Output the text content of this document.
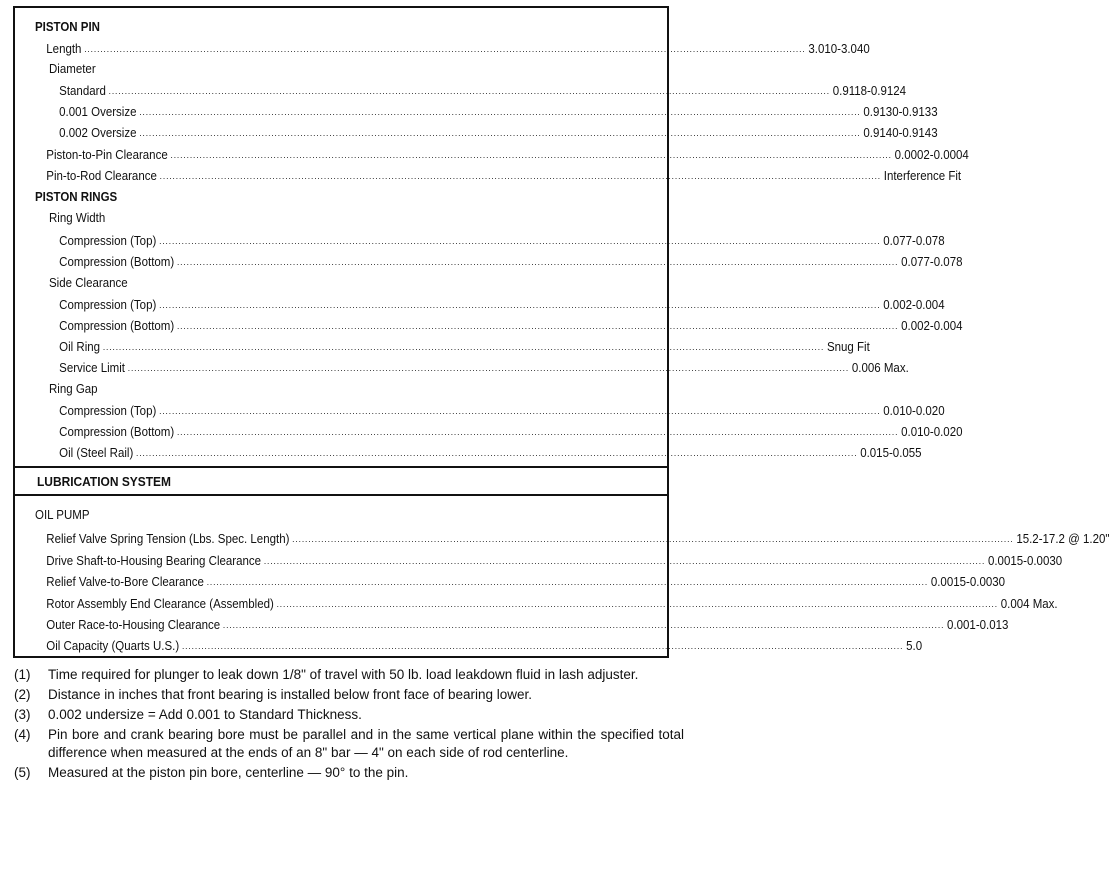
PISTON PIN
Length .....	3.010-3.040
Diameter
Standard .....	0.9118-0.9124
0.001 Oversize .....	0.9130-0.9133
0.002 Oversize .....	0.9140-0.9143
Piston-to-Pin Clearance .....	0.0002-0.0004
Pin-to-Rod Clearance .....	Interference Fit
PISTON RINGS
Ring Width
Compression (Top) .....	0.077-0.078
Compression (Bottom) .....	0.077-0.078
Side Clearance
Compression (Top) .....	0.002-0.004
Compression (Bottom) .....	0.002-0.004
Oil Ring .....	Snug Fit
Service Limit .....	0.006 Max.
Ring Gap
Compression (Top) .....	0.010-0.020
Compression (Bottom) .....	0.010-0.020
Oil (Steel Rail) .....	0.015-0.055
LUBRICATION SYSTEM
OIL PUMP
Relief Valve Spring Tension (Lbs. Spec. Length) .....	15.2-17.2 @ 1.20"
Drive Shaft-to-Housing Bearing Clearance .....	0.0015-0.0030
Relief Valve-to-Bore Clearance .....	0.0015-0.0030
Rotor Assembly End Clearance (Assembled) .....	0.004 Max.
Outer Race-to-Housing Clearance .....	0.001-0.013
Oil Capacity (Quarts U.S.) .....	5.0
(1)	Time required for plunger to leak down 1/8" of travel with 50 lb. load leakdown fluid in lash adjuster.
(2)	Distance in inches that front bearing is installed below front face of bearing lower.
(3)	0.002 undersize = Add 0.001 to Standard Thickness.
(4)	Pin bore and crank bearing bore must be parallel and in the same vertical plane within the specified total difference when measured at the ends of an 8" bar — 4" on each side of rod centerline.
(5)	Measured at the piston pin bore, centerline — 90° to the pin.
